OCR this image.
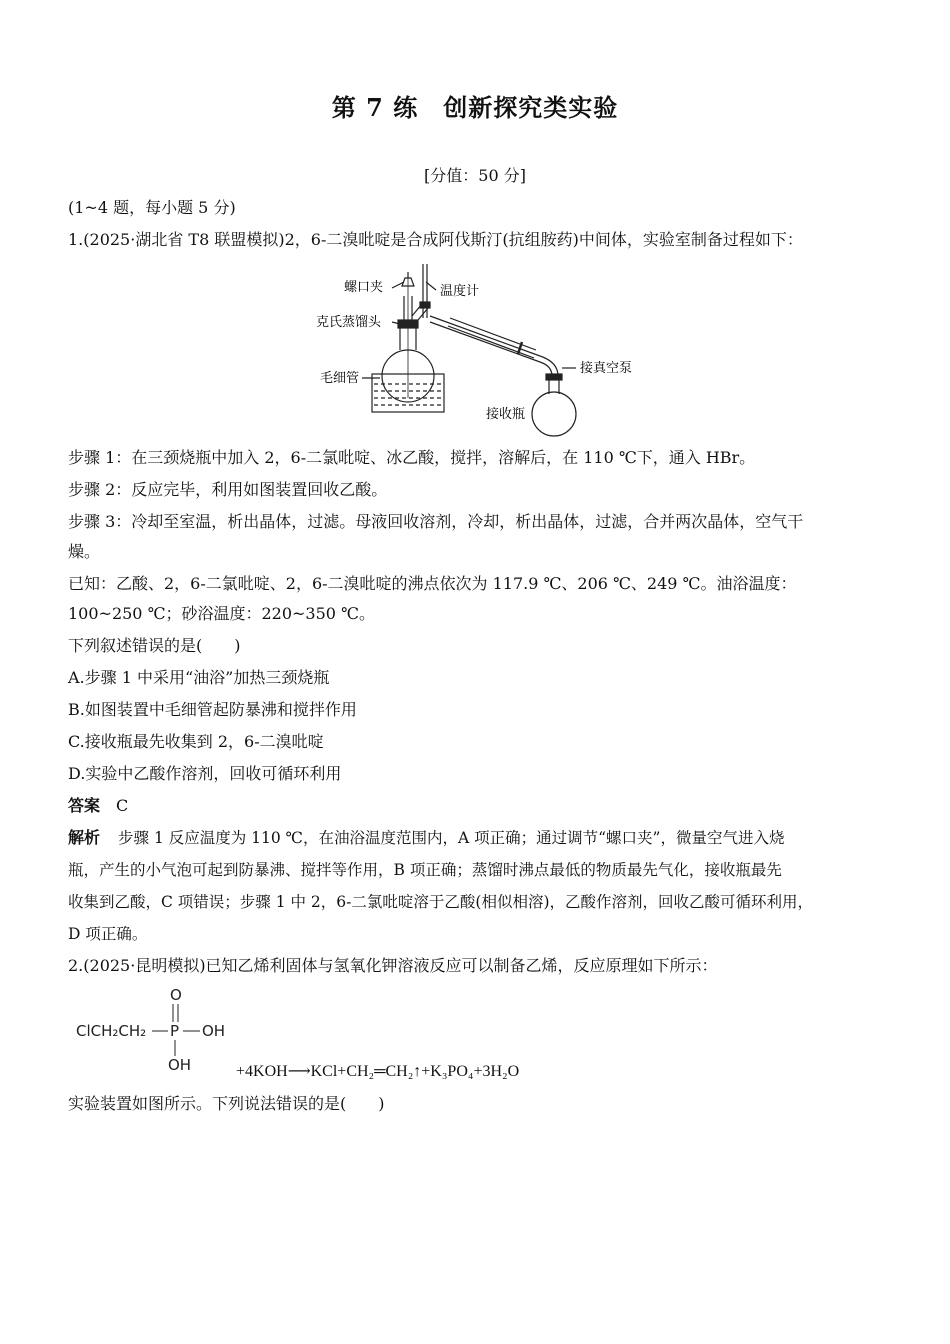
第 7 练　创新探究类实验
[分值：50 分]
(1~4 题，每小题 5 分)
1.(2025·湖北省 T8 联盟模拟)2，6-二溴吡啶是合成阿伐斯汀(抗组胺药)中间体，实验室制备过程如下：
螺口夹	温度计
克氏蒸馏头
接真空泵
毛细管
接收瓶
步骤 1：在三颈烧瓶中加入 2，6-二氯吡啶、冰乙酸，搅拌，溶解后，在 110 ℃下，通入 HBr。
步骤 2：反应完毕，利用如图装置回收乙酸。
步骤 3：冷却至室温，析出晶体，过滤。母液回收溶剂，冷却，析出晶体，过滤，合并两次晶体，空气干
燥。
已知：乙酸、2，6-二氯吡啶、2，6-二溴吡啶的沸点依次为 117.9 ℃、206 ℃、249 ℃。油浴温度：
100~250 ℃；砂浴温度：220~350 ℃。
下列叙述错误的是(　　)
A.步骤 1 中采用“油浴”加热三颈烧瓶
B.如图装置中毛细管起防暴沸和搅拌作用
C.接收瓶最先收集到 2，6-二溴吡啶
D.实验中乙酸作溶剂，回收可循环利用
答案 C
解析 步骤 1 反应温度为 110 ℃，在油浴温度范围内，A 项正确；通过调节“螺口夹”，微量空气进入烧
瓶，产生的小气泡可起到防暴沸、搅拌等作用，B 项正确；蒸馏时沸点最低的物质最先气化，接收瓶最先
收集到乙酸，C 项错误；步骤 1 中 2，6-二氯吡啶溶于乙酸(相似相溶)，乙酸作溶剂，回收乙酸可循环利用，
D 项正确。
2.(2025·昆明模拟)已知乙烯利固体与氢氧化钾溶液反应可以制备乙烯，反应原理如下所示：
O
ClCH₂CH₂ P OH
OH	+4KOH⟶KCl+CH₂═CH₂↑+K₃PO₄+3H₂O
实验装置如图所示。下列说法错误的是(　　)
